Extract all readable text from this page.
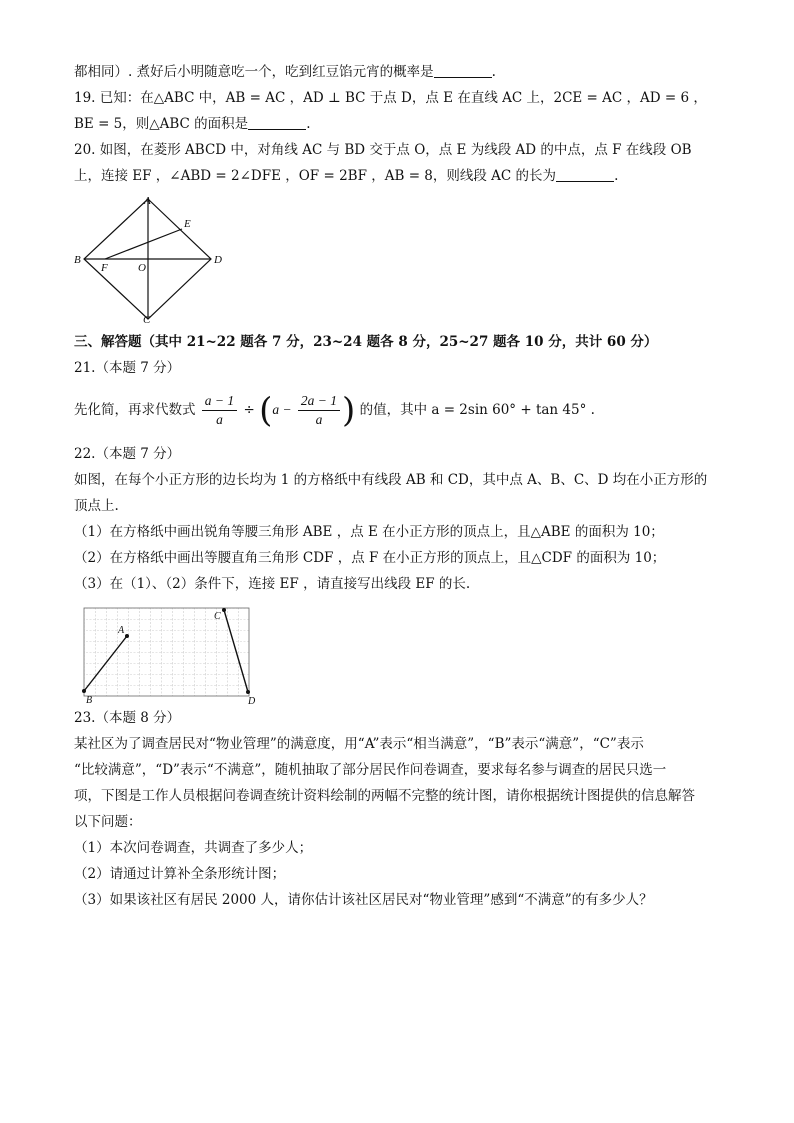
都相同）. 煮好后小明随意吃一个，吃到红豆馅元宵的概率是	.
19. 已知：在△ABC 中，AB = AC ，AD ⊥ BC 于点 D，点 E 在直线 AC 上，2CE = AC ，AD = 6 ，
BE = 5，则△ABC 的面积是	.
20. 如图，在菱形 ABCD 中，对角线 AC 与 BD 交于点 O，点 E 为线段 AD 的中点，点 F 在线段 OB
上，连接 EF ，∠ABD = 2∠DFE ，OF = 2BF ，AB = 8，则线段 AC 的长为	.
A
B
C
D
E
F	O
三、解答题（其中 21~22 题各 7 分，23~24 题各 8 分，25~27 题各 10 分，共计 60 分）
21.（本题 7 分）
先化简，再求代数式 $\frac{a - 1}{a} \div (a - \frac{2a - 1}{a}$ ) 的值，其中 a = 2sin 60° + tan 45° .
22.（本题 7 分）
如图，在每个小正方形的边长均为 1 的方格纸中有线段 AB 和 CD，其中点 A、B、C、D 均在小正方形的
顶点上.
（1）在方格纸中画出锐角等腰三角形 ABE ，点 E 在小正方形的顶点上，且△ABE 的面积为 10；
（2）在方格纸中画出等腰直角三角形 CDF ，点 F 在小正方形的顶点上，且△CDF 的面积为 10；
（3）在（1）、（2）条件下，连接 EF ，请直接写出线段 EF 的长.
A
B
C
D
23.（本题 8 分）
某社区为了调查居民对“物业管理”的满意度，用“A”表示“相当满意”，“B”表示“满意”，“C”表示
“比较满意”，“D”表示“不满意”，随机抽取了部分居民作问卷调查，要求每名参与调查的居民只选一
项，下图是工作人员根据问卷调查统计资料绘制的两幅不完整的统计图，请你根据统计图提供的信息解答
以下问题：
（1）本次问卷调查，共调查了多少人；
（2）请通过计算补全条形统计图；
（3）如果该社区有居民 2000 人，请你估计该社区居民对“物业管理”感到“不满意”的有多少人？
